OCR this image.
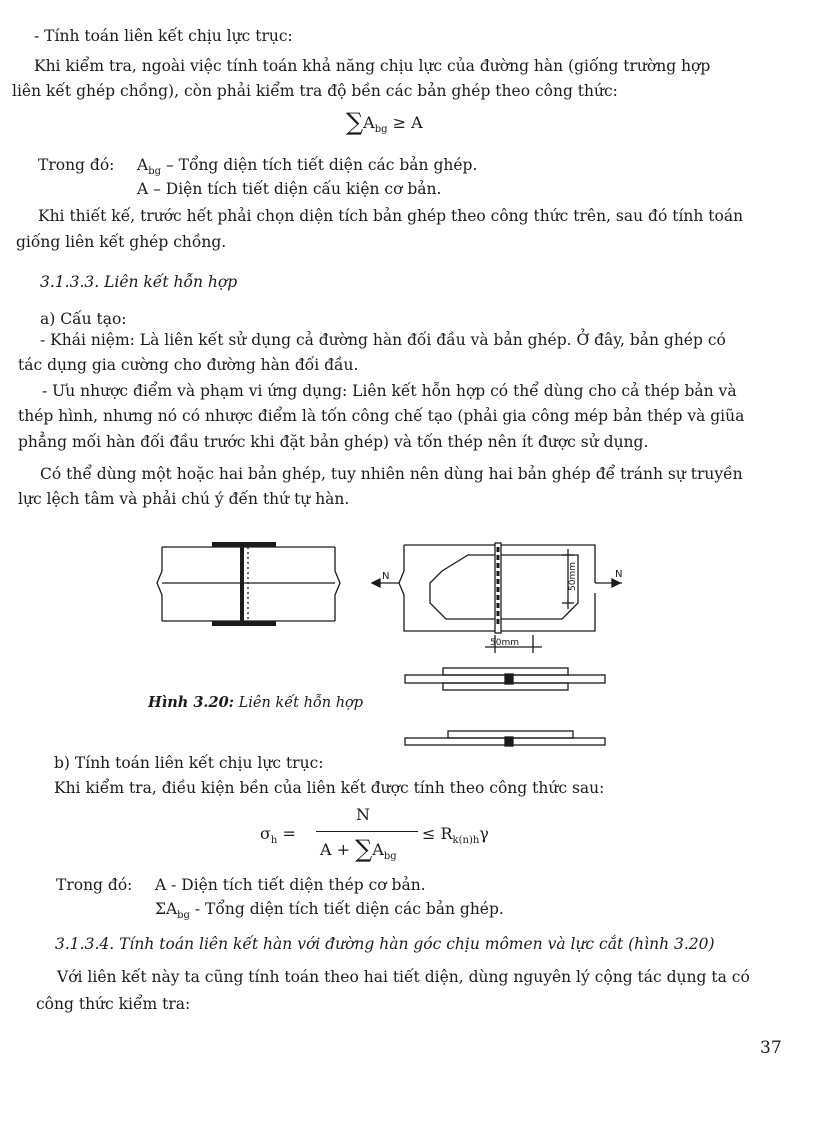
- Tính toán liên kết chịu lực trục:
Khi kiểm tra, ngoài việc tính toán khả năng chịu lực của đường hàn (giống trường hợp
liên kết ghép chồng), còn phải kiểm tra độ bền các bản ghép theo công thức:
$\sum A_{bg} \ge A$
Trong đó: $A_{bg}$ – Tổng diện tích tiết diện các bản ghép.
A – Diện tích tiết diện cấu kiện cơ bản.
Khi thiết kế, trước hết phải chọn diện tích bản ghép theo công thức trên, sau đó tính toán
giống liên kết ghép chồng.
3.1.3.3. Liên kết hỗn hợp
a) Cấu tạo:
- Khái niệm: Là liên kết sử dụng cả đường hàn đối đầu và bản ghép. Ở đây, bản ghép có
tác dụng gia cường cho đường hàn đối đầu.
- Ưu nhược điểm và phạm vi ứng dụng: Liên kết hỗn hợp có thể dùng cho cả thép bản và
thép hình, nhưng nó có nhược điểm là tốn công chế tạo (phải gia công mép bản thép và giũa
phẳng mối hàn đối đầu trước khi đặt bản ghép) và tốn thép nên ít được sử dụng.
Có thể dùng một hoặc hai bản ghép, tuy nhiên nên dùng hai bản ghép để tránh sự truyền
lực lệch tâm và phải chú ý đến thứ tự hàn.
N	N
50mm
50mm
Hình 3.20: Liên kết hỗn hợp
b) Tính toán liên kết chịu lực trục:
Khi kiểm tra, điều kiện bền của liên kết được tính theo công thức sau:
$\sigma_h$ =
N
$A + \sum A_{bg}$
≤ $R_{k(n)h}\gamma$
Trong đó: A - Diện tích tiết diện thép cơ bản.
$\Sigma A_{bg}$ - Tổng diện tích tiết diện các bản ghép.
3.1.3.4. Tính toán liên kết hàn với đường hàn góc chịu mômen và lực cắt (hình 3.20)
Với liên kết này ta cũng tính toán theo hai tiết diện, dùng nguyên lý cộng tác dụng ta có
công thức kiểm tra:
37
